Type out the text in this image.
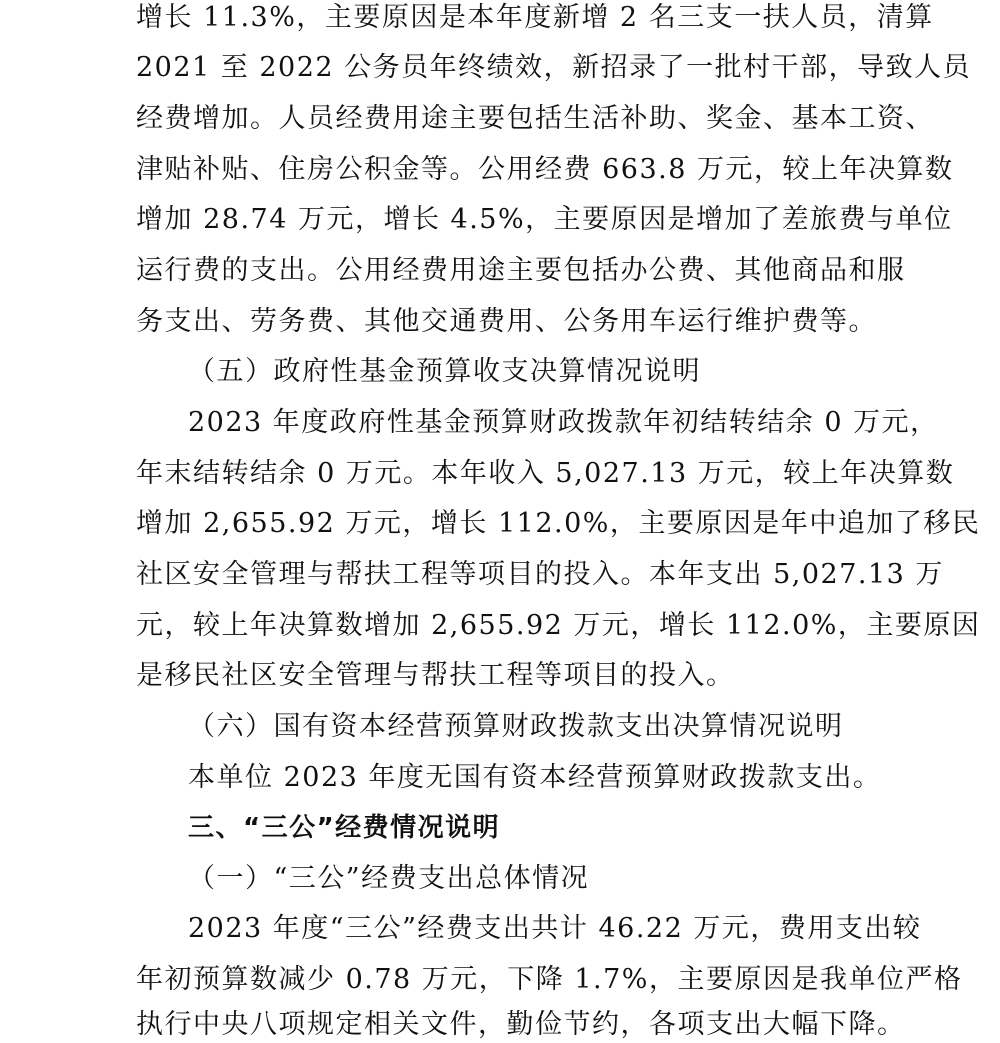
增长 11.3%，主要原因是本年度新增 2 名三支一扶人员，清算
2021 至 2022 公务员年终绩效，新招录了一批村干部，导致人员
经费增加。人员经费用途主要包括生活补助、奖金、基本工资、
津贴补贴、住房公积金等。公用经费 663.8 万元，较上年决算数
增加 28.74 万元，增长 4.5%，主要原因是增加了差旅费与单位
运行费的支出。公用经费用途主要包括办公费、其他商品和服
务支出、劳务费、其他交通费用、公务用车运行维护费等。
（五）政府性基金预算收支决算情况说明
2023 年度政府性基金预算财政拨款年初结转结余 0 万元，
年末结转结余 0 万元。本年收入 5,027.13 万元，较上年决算数
增加 2,655.92 万元，增长 112.0%，主要原因是年中追加了移民
社区安全管理与帮扶工程等项目的投入。本年支出 5,027.13 万
元，较上年决算数增加 2,655.92 万元，增长 112.0%，主要原因
是移民社区安全管理与帮扶工程等项目的投入。
（六）国有资本经营预算财政拨款支出决算情况说明
本单位 2023 年度无国有资本经营预算财政拨款支出。
三、“三公”经费情况说明
（一）“三公”经费支出总体情况
2023 年度“三公”经费支出共计 46.22 万元，费用支出较
年初预算数减少 0.78 万元，下降 1.7%，主要原因是我单位严格
执行中央八项规定相关文件，勤俭节约，各项支出大幅下降。
